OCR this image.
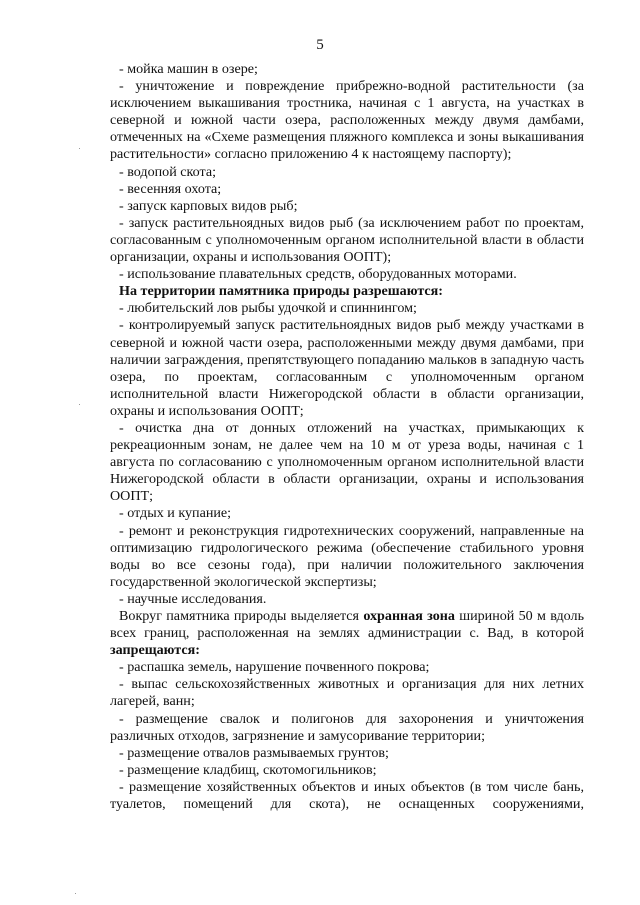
5

- мойка машин в озере;

- уничтожение и повреждение прибрежно-водной растительности (за исключением выкашивания тростника, начиная с 1 августа, на участках в северной и южной части озера, расположенных между двумя дамбами, отмеченных на «Схеме размещения пляжного комплекса и зоны выкашивания растительности» согласно приложению 4 к настоящему паспорту);

- водопой скота;

- весенняя охота;

- запуск карповых видов рыб;

- запуск растительноядных видов рыб (за исключением работ по проектам, согласованным с уполномоченным органом исполнительной власти в области организации, охраны и использования ООПТ);

- использование плавательных средств, оборудованных моторами.

На территории памятника природы разрешаются:

- любительский лов рыбы удочкой и спиннингом;

- контролируемый запуск растительноядных видов рыб между участками в северной и южной части озера, расположенными между двумя дамбами, при наличии заграждения, препятствующего попаданию мальков в западную часть озера, по проектам, согласованным с уполномоченным органом исполнительной власти Нижегородской области в области организации, охраны и использования ООПТ;

- очистка дна от донных отложений на участках, примыкающих к рекреационным зонам, не далее чем на 10 м от уреза воды, начиная с 1 августа по согласованию с уполномоченным органом исполнительной власти Нижегородской области в области организации, охраны и использования ООПТ;

- отдых и купание;

- ремонт и реконструкция гидротехнических сооружений, направленные на оптимизацию гидрологического режима (обеспечение стабильного уровня воды во все сезоны года), при наличии положительного заключения государственной экологической экспертизы;

- научные исследования.

Вокруг памятника природы выделяется охранная зона шириной 50 м вдоль всех границ, расположенная на землях администрации с. Вад, в которой запрещаются:

- распашка земель, нарушение почвенного покрова;

- выпас сельскохозяйственных животных и организация для них летних лагерей, ванн;

- размещение свалок и полигонов для захоронения и уничтожения различных отходов, загрязнение и замусоривание территории;

- размещение отвалов размываемых грунтов;

- размещение кладбищ, скотомогильников;

- размещение хозяйственных объектов и иных объектов (в том числе бань, туалетов, помещений для скота), не оснащенных сооружениями,
